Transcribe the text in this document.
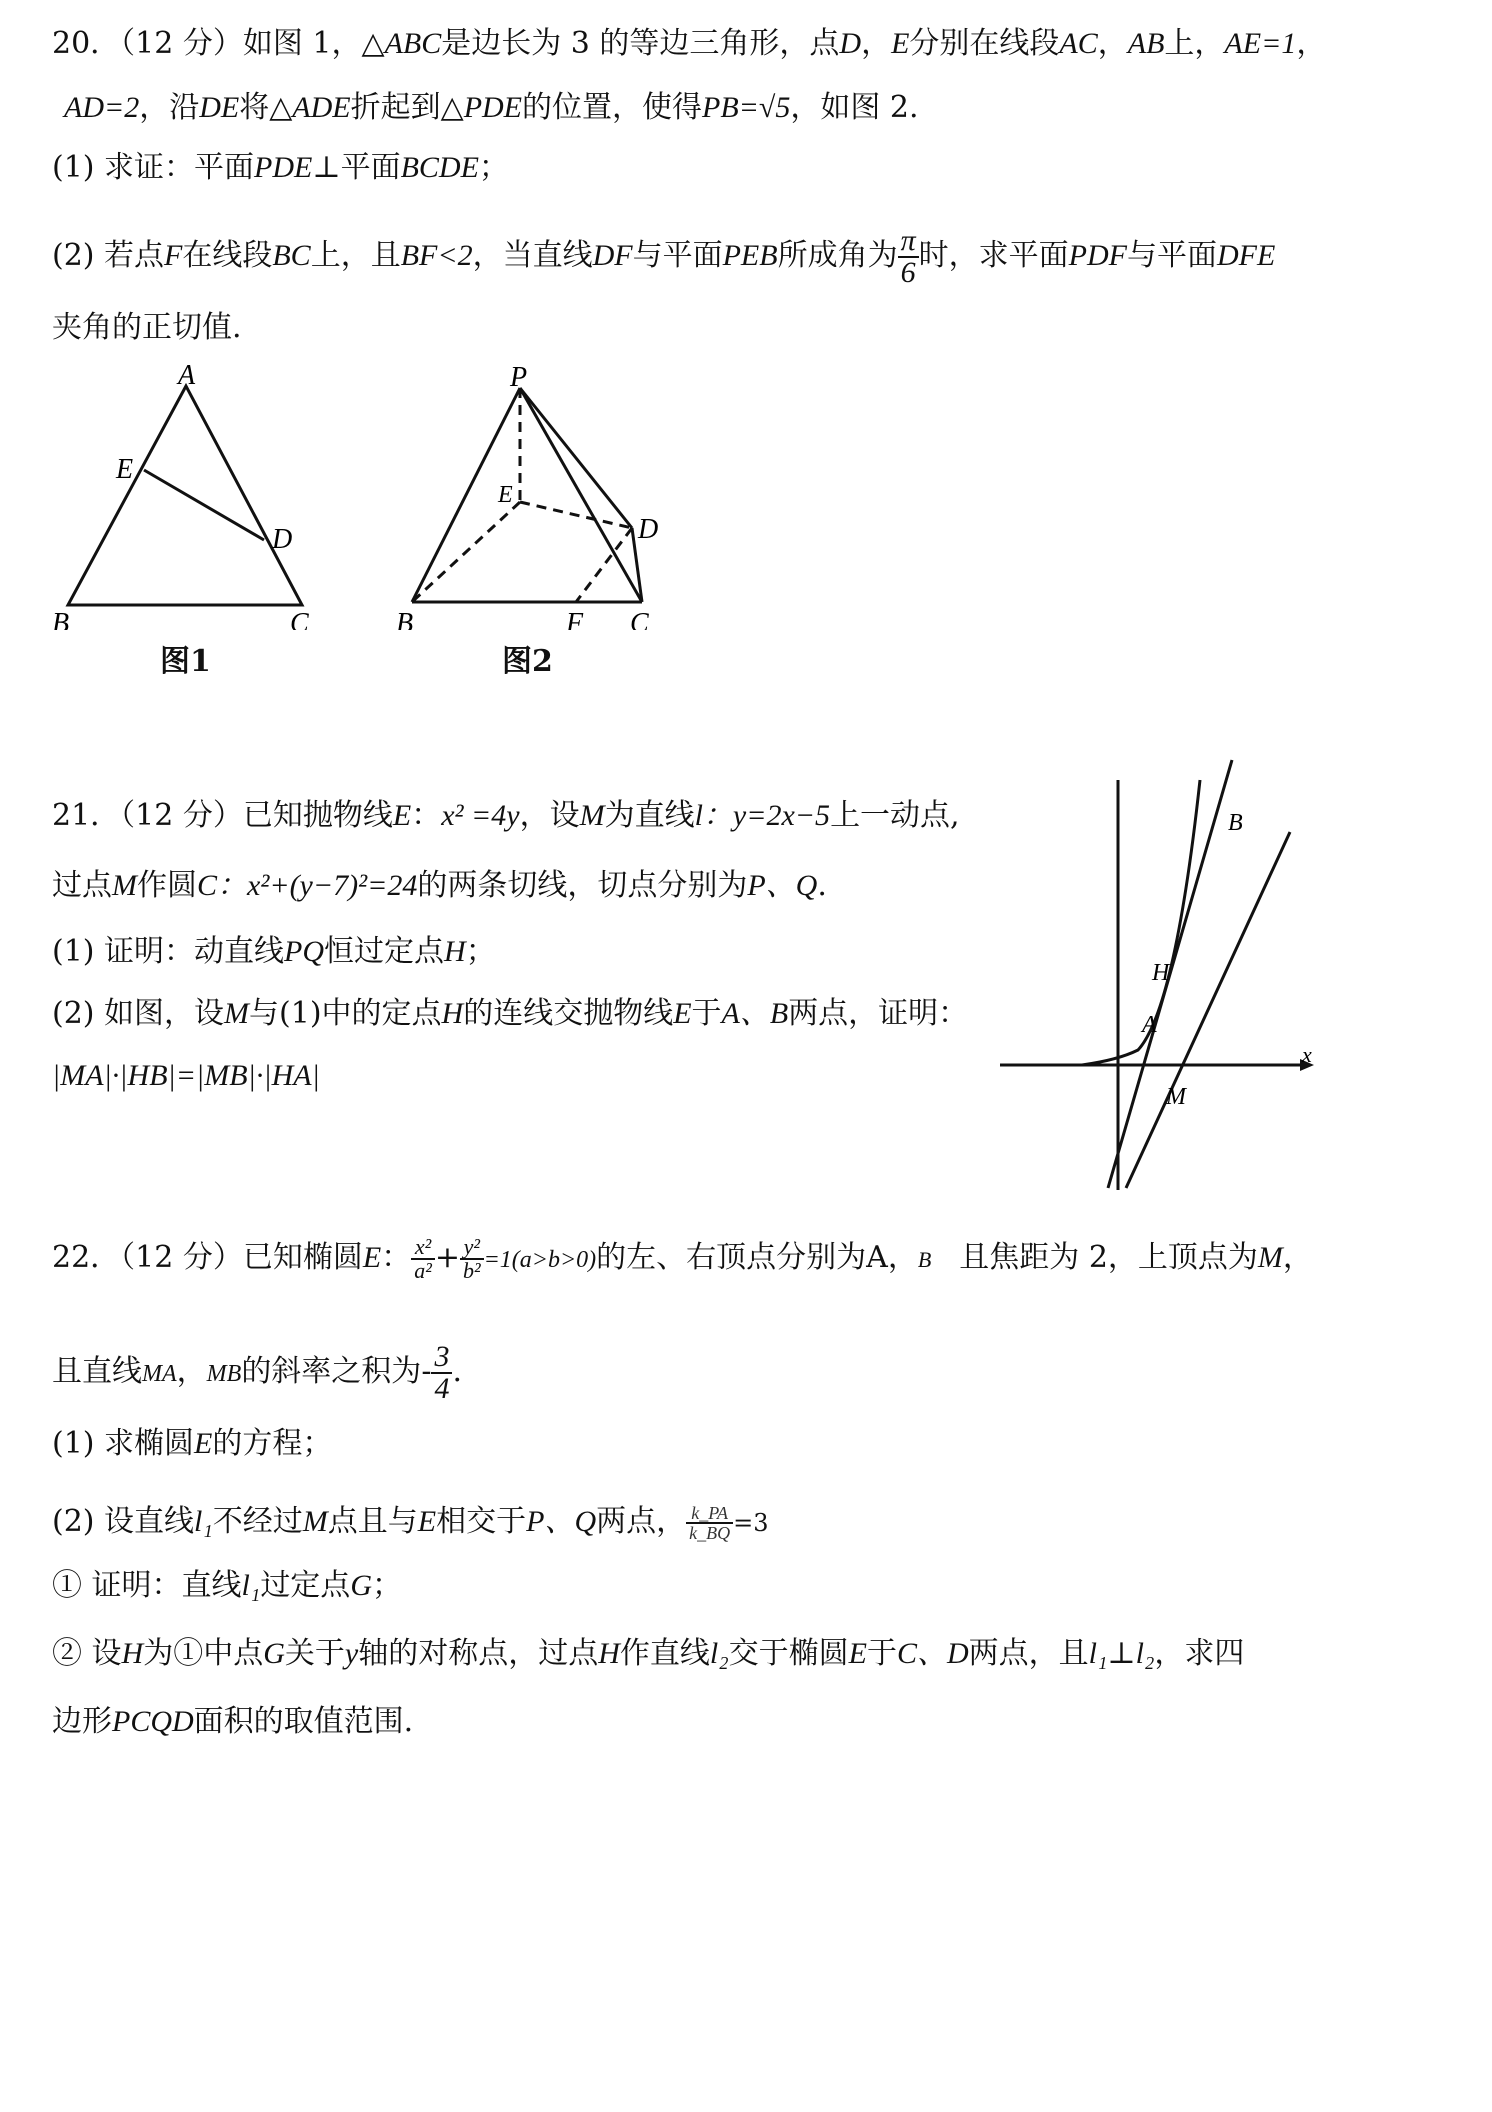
20．（12 分）如图 1，△ABC是边长为 3 的等边三角形，点D，E分别在线段AC，AB上，AE=1，
AD=2，沿DE将△ADE折起到△PDE的位置，使得PB=√5，如图 2.
(1) 求证：平面PDE⊥平面BCDE；
(2) 若点F在线段BC上，且BF<2，当直线DF与平面PEB所成角为 $\frac{\pi}{6}$ 时，求平面PDF与平面DFE
夹角的正切值.
A
E
D
B	C
图1
P
E
D
B	F C
图2
21．（12 分）已知抛物线E：x² =4y，设M为直线l：y=2x−5上一动点,
过点M作圆C：x²+(y−7)²=24的两条切线，切点分别为P、Q.
(1) 证明：动直线PQ恒过定点H；
(2) 如图，设M与(1)中的定点H的连线交抛物线E于A、B两点，证明：
|MA|·|HB|=|MB|·|HA|
B
H
A
M
x
22．（12 分）已知椭圆E： $\frac{\text{x²}}{\text{a²}} + \frac{\text{y²}}{\text{b²}} =1(a>b>0)$的左、右顶点分别为A，B 且焦距为 2，上顶点为M，
且直线MA，MB的斜率之积为- $\frac{3}{4}$ .
(1) 求椭圆E的方程；
(2) 设直线l₁不经过M点且与E相交于P、Q两点， $\frac{k\_PA}{k\_BQ} =3$
① 证明：直线l₁过定点G；
② 设H为①中点G关于y轴的对称点，过点H作直线l₂交于椭圆E于C、D两点，且l₁⊥l₂，求四
边形PCQD面积的取值范围.
